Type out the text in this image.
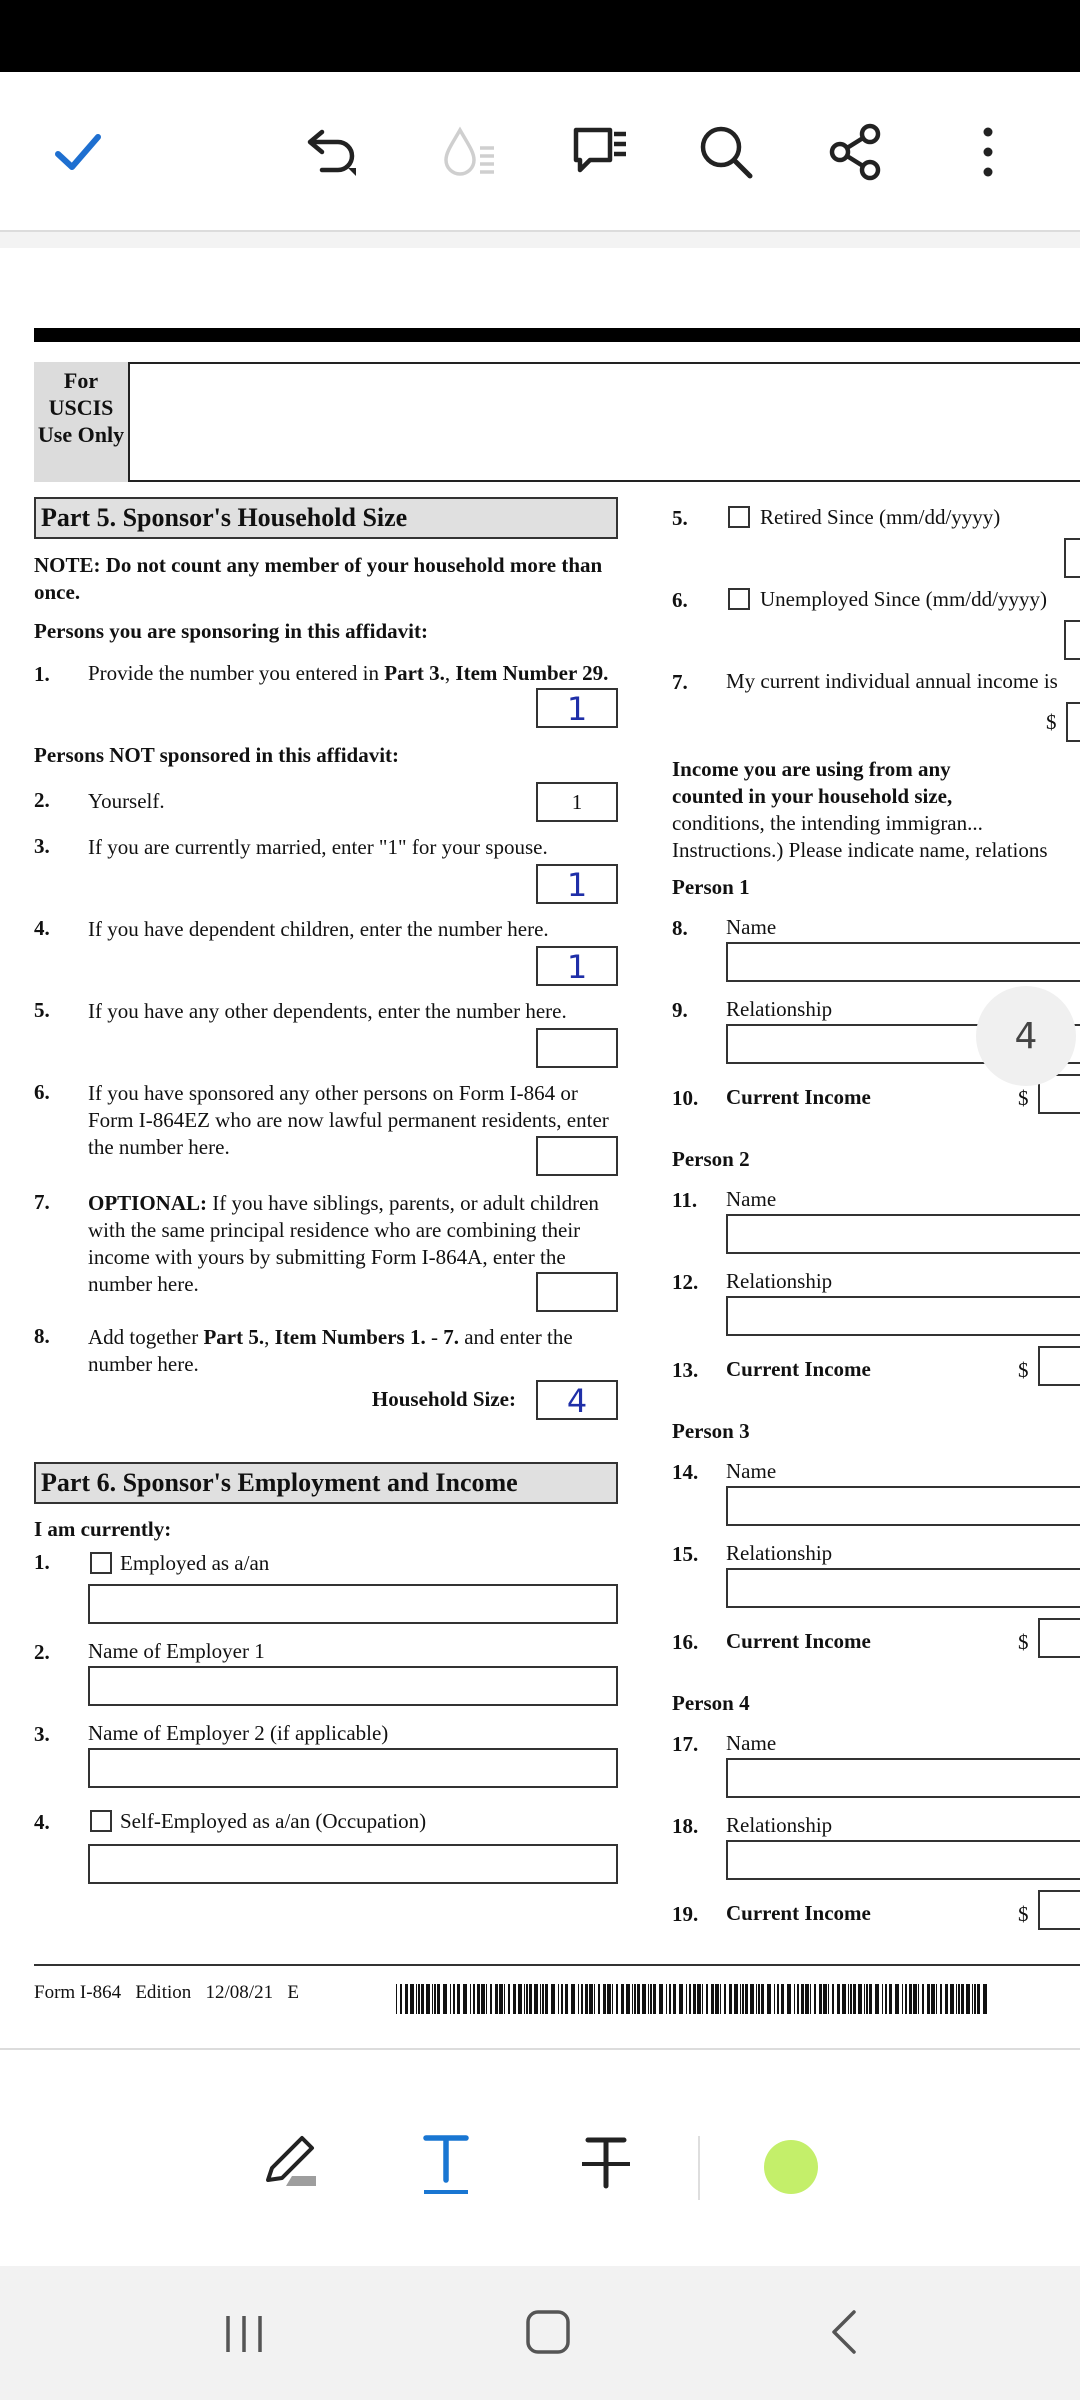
For USCIS Use Only
Part 5. Sponsor's Household Size
NOTE: Do not count any member of your household more than once.
Persons you are sponsoring in this affidavit:
1. Provide the number you entered in Part 3., Item Number 29.
1
Persons NOT sponsored in this affidavit:
2. Yourself.	1
3. If you are currently married, enter "1" for your spouse.
1
4. If you have dependent children, enter the number here.
1
5. If you have any other dependents, enter the number here.
6. If you have sponsored any other persons on Form I-864 or Form I-864EZ who are now lawful permanent residents, enter the number here.
7. OPTIONAL: If you have siblings, parents, or adult children with the same principal residence who are combining their income with yours by submitting Form I-864A, enter the number here.
8. Add together Part 5., Item Numbers 1. - 7. and enter the number here.
Household Size:	4
Part 6. Sponsor's Employment and Income
I am currently:
1.	Employed as a/an
2. Name of Employer 1
3. Name of Employer 2 (if applicable)
4.	Self-Employed as a/an (Occupation)
5.	Retired Since (mm/dd/yyyy)
6.	Unemployed Since (mm/dd/yyyy)
7. My current individual annual income is
$
Income you are using from any
counted in your household size,
conditions, the intending immigran...
Instructions.) Please indicate name, relations
Person 1
8. Name
9. Relationship
10. Current Income	$
Person 2
11. Name
12. Relationship
13. Current Income	$
Person 3
14. Name
15. Relationship
16. Current Income	$
Person 4
17. Name
18. Relationship
19. Current Income	$
Form I-864   Edition   12/08/21   E
4
